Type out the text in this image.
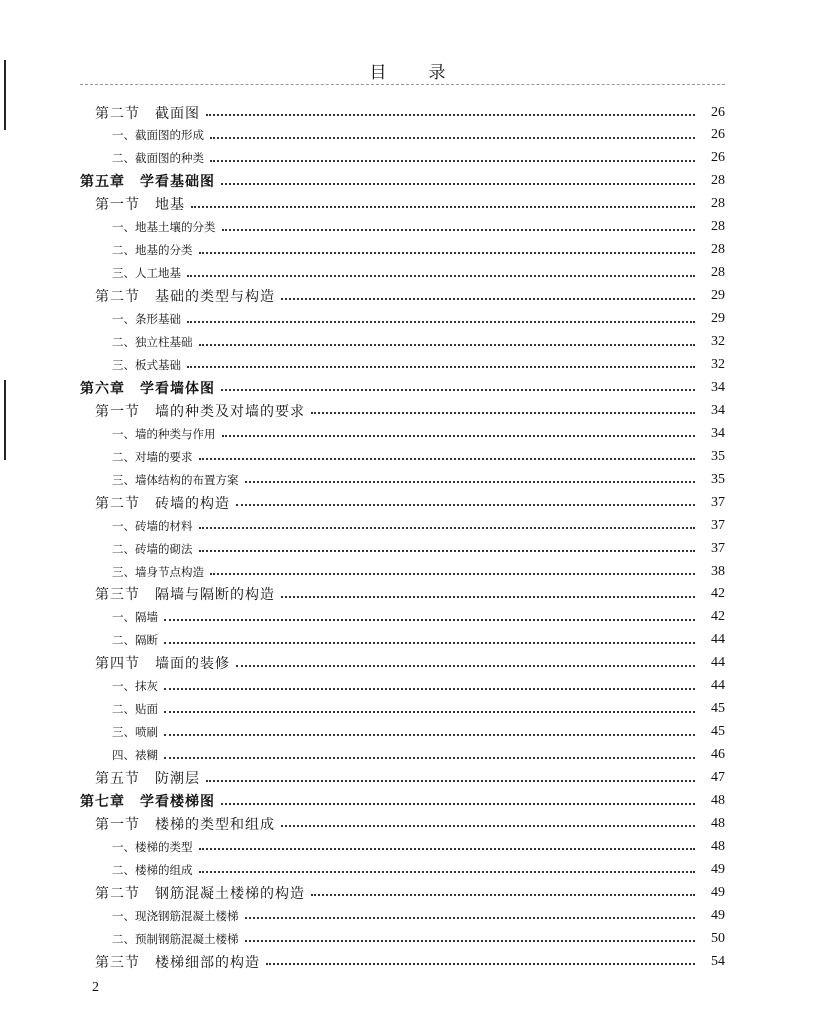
目 录
第二节　截面图	26
一、截面图的形成	26
二、截面图的种类	26
第五章　学看基础图	28
第一节　地基	28
一、地基土壤的分类	28
二、地基的分类	28
三、人工地基	28
第二节　基础的类型与构造	29
一、条形基础	29
二、独立柱基础	32
三、板式基础	32
第六章　学看墙体图	34
第一节　墙的种类及对墙的要求	34
一、墙的种类与作用	34
二、对墙的要求	35
三、墙体结构的布置方案	35
第二节　砖墙的构造	37
一、砖墙的材料	37
二、砖墙的砌法	37
三、墙身节点构造	38
第三节　隔墙与隔断的构造	42
一、隔墙	42
二、隔断	44
第四节　墙面的装修	44
一、抹灰	44
二、贴面	45
三、喷刷	45
四、裱糊	46
第五节　防潮层	47
第七章　学看楼梯图	48
第一节　楼梯的类型和组成	48
一、楼梯的类型	48
二、楼梯的组成	49
第二节　钢筋混凝土楼梯的构造	49
一、现浇钢筋混凝土楼梯	49
二、预制钢筋混凝土楼梯	50
第三节　楼梯细部的构造	54
2
